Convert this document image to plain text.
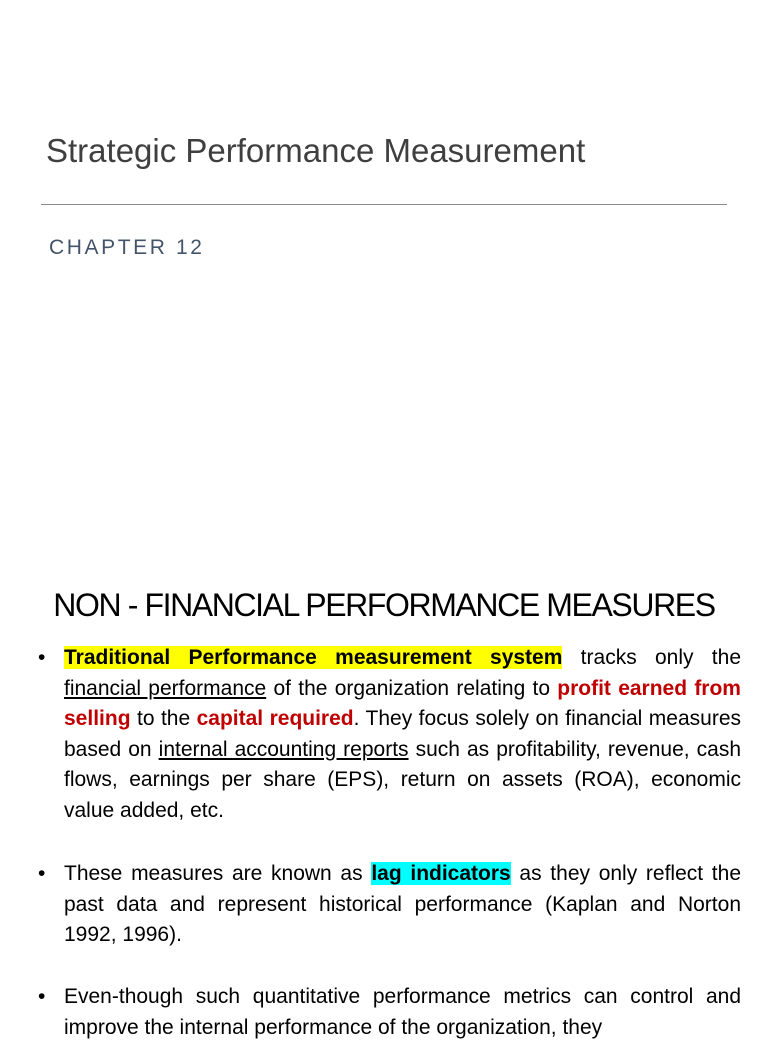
Strategic Performance Measurement
CHAPTER 12
NON - FINANCIAL PERFORMANCE MEASURES
• Traditional Performance measurement system tracks only the financial performance of the organization relating to profit earned from selling to the capital required. They focus solely on financial measures based on internal accounting reports such as profitability, revenue, cash flows, earnings per share (EPS), return on assets (ROA), economic value added, etc.
• These measures are known as lag indicators as they only reflect the past data and represent historical performance (Kaplan and Norton 1992, 1996).
• Even-though such quantitative performance metrics can control and improve the internal performance of the organization, they
